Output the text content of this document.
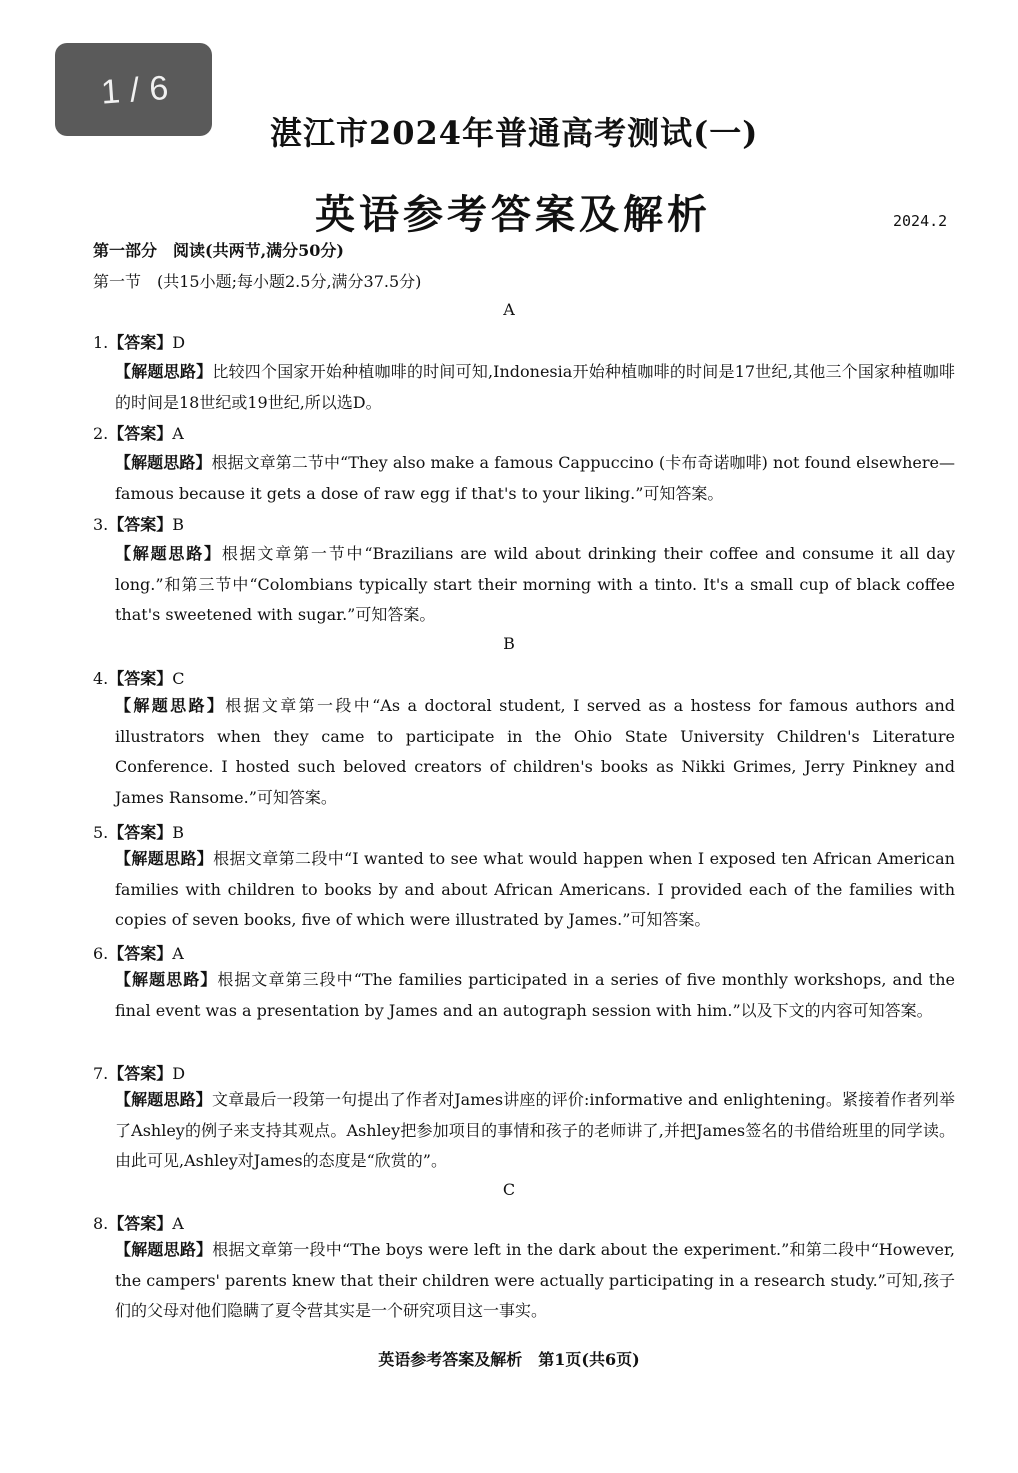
1/6
湛江市2024年普通高考测试(一)
英语参考答案及解析	2024.2
第一部分　阅读(共两节,满分50分)
第一节　(共15小题;每小题2.5分,满分37.5分)
A
1.【答案】D
【解题思路】比较四个国家开始种植咖啡的时间可知,Indonesia开始种植咖啡的时间是17世纪,其他三个国家种植咖啡的时间是18世纪或19世纪,所以选D。
2.【答案】A
【解题思路】根据文章第二节中“They also make a famous Cappuccino (卡布奇诺咖啡) not found elsewhere—famous because it gets a dose of raw egg if that's to your liking.”可知答案。
3.【答案】B
【解题思路】根据文章第一节中“Brazilians are wild about drinking their coffee and consume it all day long.”和第三节中“Colombians typically start their morning with a tinto. It's a small cup of black coffee that's sweetened with sugar.”可知答案。
B
4.【答案】C
【解题思路】根据文章第一段中“As a doctoral student, I served as a hostess for famous authors and illustrators when they came to participate in the Ohio State University Children's Literature Conference. I hosted such beloved creators of children's books as Nikki Grimes, Jerry Pinkney and James Ransome.”可知答案。
5.【答案】B
【解题思路】根据文章第二段中“I wanted to see what would happen when I exposed ten African American families with children to books by and about African Americans. I provided each of the families with copies of seven books, five of which were illustrated by James.”可知答案。
6.【答案】A
【解题思路】根据文章第三段中“The families participated in a series of five monthly workshops, and the final event was a presentation by James and an autograph session with him.”以及下文的内容可知答案。
7.【答案】D
【解题思路】文章最后一段第一句提出了作者对James讲座的评价:informative and enlightening。紧接着作者列举了Ashley的例子来支持其观点。Ashley把参加项目的事情和孩子的老师讲了,并把James签名的书借给班里的同学读。由此可见,Ashley对James的态度是“欣赏的”。
C
8.【答案】A
【解题思路】根据文章第一段中“The boys were left in the dark about the experiment.”和第二段中“However, the campers' parents knew that their children were actually participating in a research study.”可知,孩子们的父母对他们隐瞒了夏令营其实是一个研究项目这一事实。
英语参考答案及解析　第1页(共6页)
